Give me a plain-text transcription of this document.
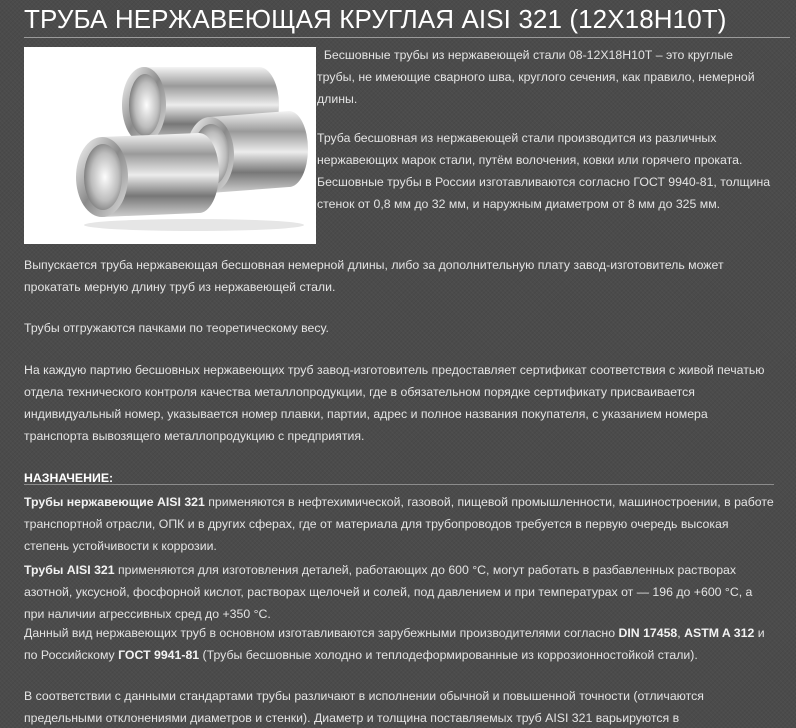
ТРУБА НЕРЖАВЕЮЩАЯ КРУГЛАЯ AISI 321 (12Х18Н10Т)

Бесшовные трубы из нержавеющей стали 08-12Х18Н10Т – это круглые трубы, не имеющие сварного шва, круглого сечения, как правило, немерной длины.

Труба бесшовная из нержавеющей стали производится из различных нержавеющих марок стали, путём волочения, ковки или горячего проката. Бесшовные трубы в России изготавливаются согласно ГОСТ 9940-81, толщина стенок от 0,8 мм до 32 мм, и наружным диаметром от 8 мм до 325 мм.

Выпускается труба нержавеющая бесшовная немерной длины, либо за дополнительную плату завод-изготовитель может прокатать мерную длину труб из нержавеющей стали.

Трубы отгружаются пачками по теоретическому весу.

На каждую партию бесшовных нержавеющих труб завод-изготовитель предоставляет сертификат соответствия с живой печатью отдела технического контроля качества металлопродукции, где в обязательном порядке сертификату присваивается индивидуальный номер, указывается номер плавки, партии, адрес и полное названия покупателя, с указанием номера транспорта вывозящего металлопродукцию с предприятия.

НАЗНАЧЕНИЕ:

Трубы нержавеющие AISI 321 применяются в нефтехимической, газовой, пищевой промышленности, машиностроении, в работе транспортной отрасли, ОПК и в других сферах, где от материала для трубопроводов требуется в первую очередь высокая степень устойчивости к коррозии.

Трубы AISI 321 применяются для изготовления деталей, работающих до 600 °С, могут работать в разбавленных растворах азотной, уксусной, фосфорной кислот, растворах щелочей и солей, под давлением и при температурах от — 196 до +600 °С, а при наличии агрессивных сред до +350 °С.

Данный вид нержавеющих труб в основном изготавливаются зарубежными производителями согласно DIN 17458, ASTM A 312 и по Российскому ГОСТ 9941-81 (Трубы бесшовные холодно и теплодеформированные из коррозионностойкой стали).

В соответствии с данными стандартами трубы различают в исполнении обычной и повышенной точности (отличаются предельными отклонениями диаметров и стенки). Диаметр и толщина поставляемых труб AISI 321 варьируются в
